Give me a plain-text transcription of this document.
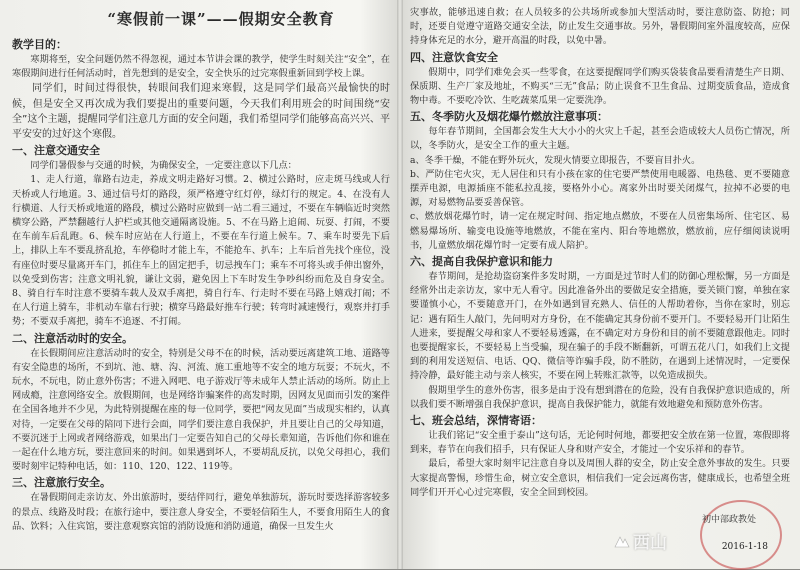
“寒假前一课”——假期安全教育
教学目的：
寒期将至，安全问题仍然不得忽视，通过本节讲会课的教学，使学生时刻关注“安全”，在寒假期间进行任何活动时，首先想到的是安全，安全快乐的过完寒假重新回到学校上课。
同学们，时间过得很快，转眼间我们迎来寒假，这是同学们最高兴最愉快的时候，但是安全又再次成为我们要提出的重要问题，今天我们利用班会的时间围绕“安全”这个主题，提醒同学们注意几方面的安全问题，我们希望同学们能够高高兴兴、平平安安的过好这个寒假。
一、注意交通安全
同学们暑假参与交通的时候，为确保安全，一定要注意以下几点：
1、走人行道，靠路右边走，养成文明走路好习惯。2、横过公路时，应走斑马线或人行天桥或人行地道。3、通过信号灯的路段，须严格遵守红灯停，绿灯行的规定。4、在没有人行横道、人行天桥或地道的路段，横过公路时应做到一站二看三通过，不要在车辆临近时突然横穿公路，严禁翻越行人护栏或其他交通隔离设施。5、不在马路上追闹、玩耍、打闹，不要在车前车后乱跑。6、候车时应站在人行道上，不要在车行道上候车。7、乘车时要先下后上，排队上车不要乱挤乱抢，车停稳时才能上车，不能抢车、扒车；上车后首先找个座位，没有座位时要尽量离开车门，抓住车上的固定把手，切忌拽车门；乘车不可将头或手伸出窗外，以免受到伤害；注意文明礼貌，谦让文弱，避免因上下车时发生争吵纠纷而危及自身安全。8、骑自行车时注意不要骑车载人及双手离把，骑自行车、行走时不要在马路上嬉戏打闹；不在人行道上骑车，非机动车靠右行驶；横穿马路最好推车行驶；转弯时减速慢行，观察并打手势；不要双手离把，骑车不追逐、不打闹。
二、注意活动时的安全。
在长假期间应注意活动时的安全，特别是父母不在的时候，活动要远离建筑工地、道路等有安全隐患的场所，不到坑、池、塘、沟、河流、施工重地等不安全的地方玩耍；不玩火，不玩水，不玩电，防止意外伤害；不进入网吧、电子游戏厅等未成年人禁止活动的场所。防止上网成瘾，注意网络安全。放假期间，也是网络诈骗案件的高发时期，因网友见面而引发的案件在全国各地并不少见，为此特别提醒在座的每一位同学，要把“网友见面”当成现实相约，认真对待，一定要在父母的陪同下进行会面，同学们要注意自我保护，并且要让自己的父母知道，不要沉迷于上网或者网络游戏，如果出门一定要告知自己的父母长辈知道，告诉他们你和谁在一起在什么地方玩，要注意回来的时间。如果遇到坏人，不要胡乱反抗，以免父母担心，我们要时刻牢记特种电话，如：110、120、122、119等。
三、注意旅行安全。
在暑假期间走亲访友、外出旅游时，要结伴同行，避免单独游玩，游玩时要选择游客较多的景点、线路及时段；在旅行途中，要注意人身安全，不要轻信陌生人，不要食用陌生人的食品、饮料；入住宾馆，要注意观察宾馆的消防设施和消防通道，确保一旦发生火
灾事故，能够迅速自救；在人员较多的公共场所或参加大型活动时，要注意防盗、防抢；同时，还要自觉遵守道路交通安全法，防止发生交通事故。另外，暑假期间室外温度较高，应保持身体充足的水分，避开高温的时段，以免中暑。
四、注意饮食安全
假期中，同学们难免会买一些零食，在这要提醒同学们购买袋装食品要看清楚生产日期、保质期、生产厂家及地址，不购买“三无”食品；防止误食不卫生食品、过期变质食品，造成食物中毒。不要吃冷饮、生吃蔬菜瓜果一定要洗净。
五、冬季防火及烟花爆竹燃放注意事项：
每年春节期间，全国都会发生大大小小的火灾上千起，甚至会造成较大人员伤亡情况，所以，冬季防火，是安全工作的重大主题。
a、冬季干燥，不能在野外玩火，发现火情要立即报告，不要盲目扑火。
b、严防住宅火灾，无人居住和只有小孩在家的住宅要严禁使用电暖器、电热毯、更不要随意摆弄电源，电源插座不能私拉乱接，要格外小心。离家外出时要关闭煤气，拉掉不必要的电源，对易燃物品要妥善保管。
c、燃放烟花爆竹时，请一定在规定时间、指定地点燃放，不要在人员密集场所、住宅区、易燃易爆场所、输变电设施等地燃放，不能在室内、阳台等地燃放，燃放前，应仔细阅读说明书，儿童燃放烟花爆竹时一定要有成人陪护。
六、提高自我保护意识和能力
春节期间，是抢劫盗窃案件多发时期，一方面是过节时人们的防御心理松懈，另一方面是经常外出走亲访友，家中无人看守。因此准备外出的要做足安全措施，要关锁门窗，单独在家要谨慎小心，不要随意开门，在外如遇到冒充熟人、信任的人帮助着你，当你在家时，别忘记：遇有陌生人敲门，先问明对方身份，在不能确定其身份前不要开门。不要轻易开门让陌生人进来，要提醒父母和家人不要轻易透露，在不确定对方身份和目的前不要随意跟他走。同时也要提醒家长，不要轻易上当受骗，现在骗子的手段不断翻新，可谓五花八门，如我们上文提到的利用发送短信、电话、QQ、微信等诈骗手段，防不胜防，在遇到上述情况时，一定要保持冷静，最好能主动与亲人核实，不要在网上转账汇款等，以免造成损失。
假期里学生的意外伤害，很多是由于没有想到潜在的危险，没有自我保护意识造成的，所以我们要不断增强自我保护意识，提高自我保护能力，就能有效地避免和预防意外伤害。
七、班会总结，深情寄语：
让我们铭记“安全重于泰山”这句话，无论何时何地，都要把安全放在第一位置，寒假即将到来，春节在向我们招手，只有保证人身和财产安全，才能过一个安乐祥和的春节。
最后，希望大家时刻牢记注意自身以及周围人群的安全，防止安全意外事故的发生。只要大家提高警惕，珍惜生命，树立安全意识，相信我们一定会远离伤害，健康成长，也希望全班同学们开开心心过完寒假，安全全回到校园。
初中部政教处
2016-1-18
西山
